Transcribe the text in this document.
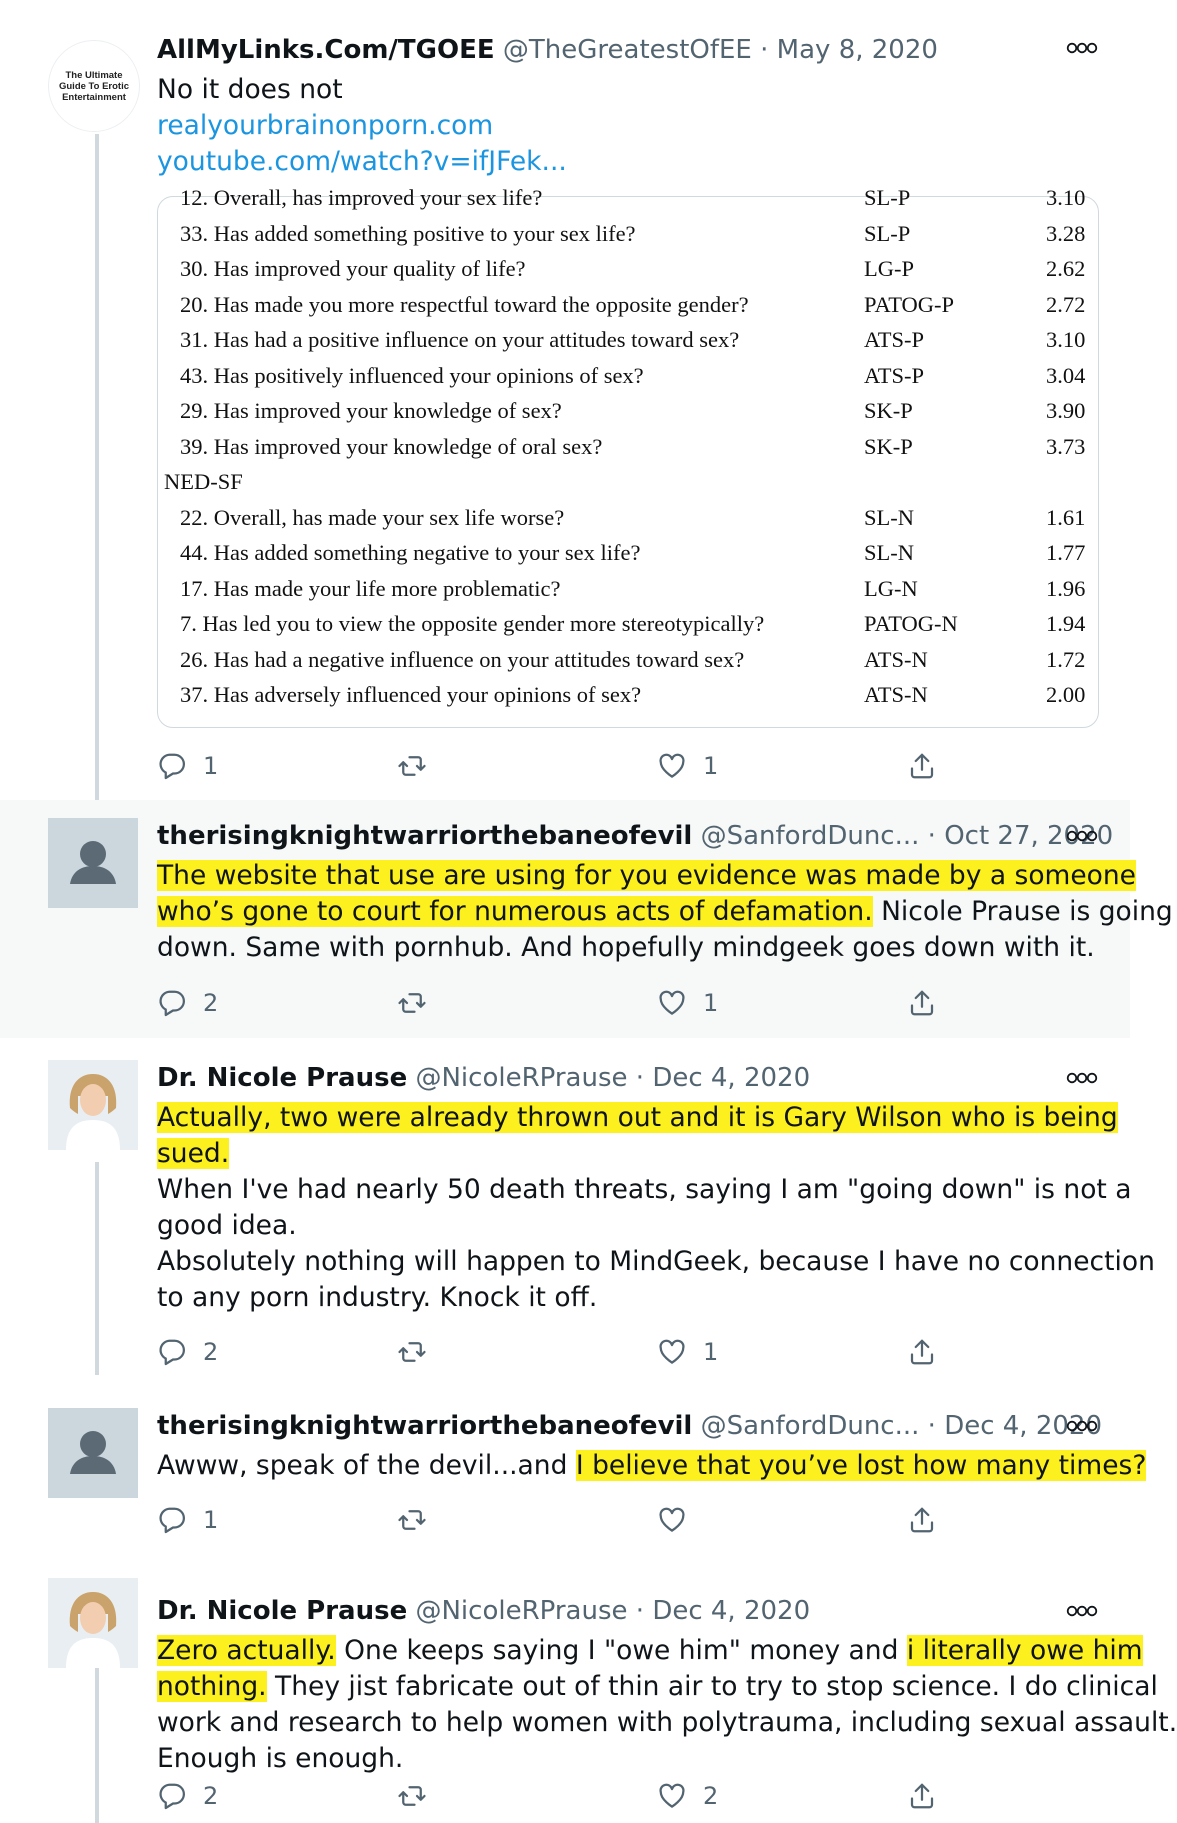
The Ultimate Guide To Erotic Entertainment
AllMyLinks.Com/TGOEE @TheGreatestOfEE · May 8, 2020
No it does not
realyourbrainonporn.com
youtube.com/watch?v=ifJFek...
12. Overall, has improved your sex life?	SL-P	3.10
33. Has added something positive to your sex life?	SL-P	3.28
30. Has improved your quality of life?	LG-P	2.62
20. Has made you more respectful toward the opposite gender?	PATOG-P	2.72
31. Has had a positive influence on your attitudes toward sex?	ATS-P	3.10
43. Has positively influenced your opinions of sex?	ATS-P	3.04
29. Has improved your knowledge of sex?	SK-P	3.90
39. Has improved your knowledge of oral sex?	SK-P	3.73
NED-SF
22. Overall, has made your sex life worse?	SL-N	1.61
44. Has added something negative to your sex life?	SL-N	1.77
17. Has made your life more problematic?	LG-N	1.96
7. Has led you to view the opposite gender more stereotypically?	PATOG-N	1.94
26. Has had a negative influence on your attitudes toward sex?	ATS-N	1.72
37. Has adversely influenced your opinions of sex?	ATS-N	2.00
1	1
therisingknightwarriorthebaneofevil @SanfordDunc... · Oct 27, 2020
The website that use are using for you evidence was made by a someone
who’s gone to court for numerous acts of defamation. Nicole Prause is going
down. Same with pornhub. And hopefully mindgeek goes down with it.
2	1
Dr. Nicole Prause @NicoleRPrause · Dec 4, 2020
Actually, two were already thrown out and it is Gary Wilson who is being
sued.
When I've had nearly 50 death threats, saying I am "going down" is not a
good idea.
Absolutely nothing will happen to MindGeek, because I have no connection
to any porn industry. Knock it off.
2	1
therisingknightwarriorthebaneofevil @SanfordDunc... · Dec 4, 2020
Awww, speak of the devil...and I believe that you’ve lost how many times?
1
Dr. Nicole Prause @NicoleRPrause · Dec 4, 2020
Zero actually. One keeps saying I "owe him" money and i literally owe him
nothing. They jist fabricate out of thin air to try to stop science. I do clinical
work and research to help women with polytrauma, including sexual assault.
Enough is enough.
2	2
